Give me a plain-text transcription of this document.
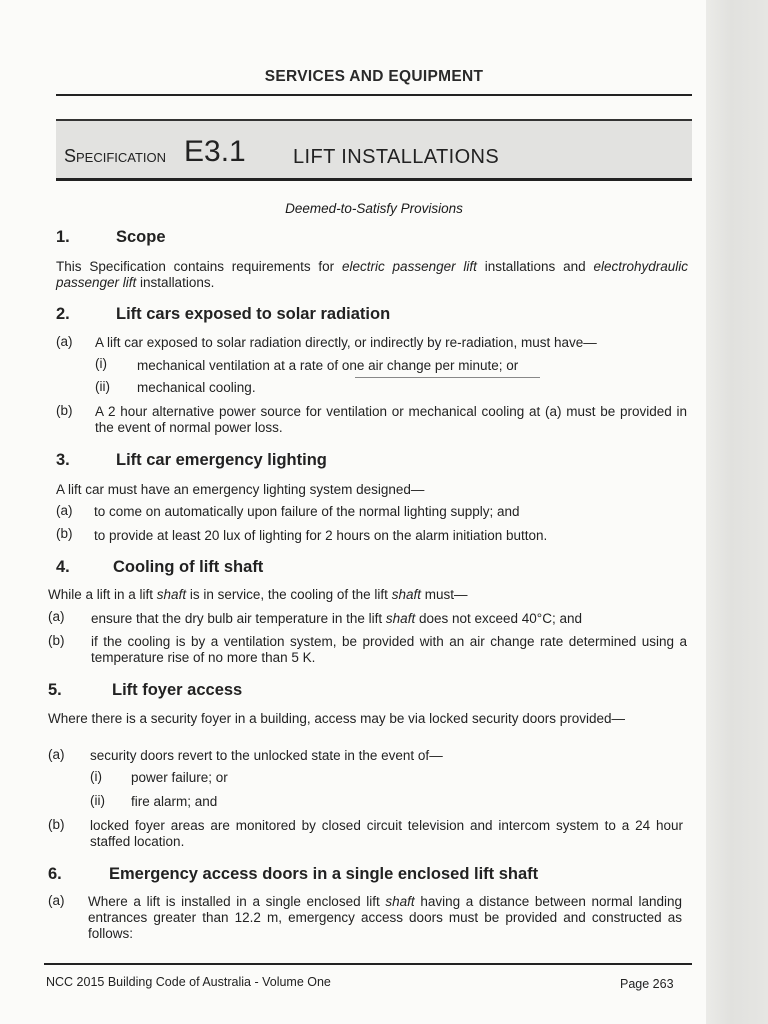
SERVICES AND EQUIPMENT
Specification E3.1 LIFT INSTALLATIONS
Deemed-to-Satisfy Provisions
1.	Scope
This Specification contains requirements for electric passenger lift installations and electrohydraulic passenger lift installations.
2.	Lift cars exposed to solar radiation
(a) A lift car exposed to solar radiation directly, or indirectly by re-radiation, must have—
(i) mechanical ventilation at a rate of one air change per minute; or
(ii) mechanical cooling.
(b) A 2 hour alternative power source for ventilation or mechanical cooling at (a) must be provided in the event of normal power loss.
3.	Lift car emergency lighting
A lift car must have an emergency lighting system designed—
(a) to come on automatically upon failure of the normal lighting supply; and
(b) to provide at least 20 lux of lighting for 2 hours on the alarm initiation button.
4.	Cooling of lift shaft
While a lift in a lift shaft is in service, the cooling of the lift shaft must—
(a) ensure that the dry bulb air temperature in the lift shaft does not exceed 40°C; and
(b) if the cooling is by a ventilation system, be provided with an air change rate determined using a temperature rise of no more than 5 K.
5.	Lift foyer access
Where there is a security foyer in a building, access may be via locked security doors provided—
(a) security doors revert to the unlocked state in the event of—
(i) power failure; or
(ii) fire alarm; and
(b) locked foyer areas are monitored by closed circuit television and intercom system to a 24 hour staffed location.
6.	Emergency access doors in a single enclosed lift shaft
(a) Where a lift is installed in a single enclosed lift shaft having a distance between normal landing entrances greater than 12.2 m, emergency access doors must be provided and constructed as follows:
NCC 2015 Building Code of Australia - Volume One	Page 263
